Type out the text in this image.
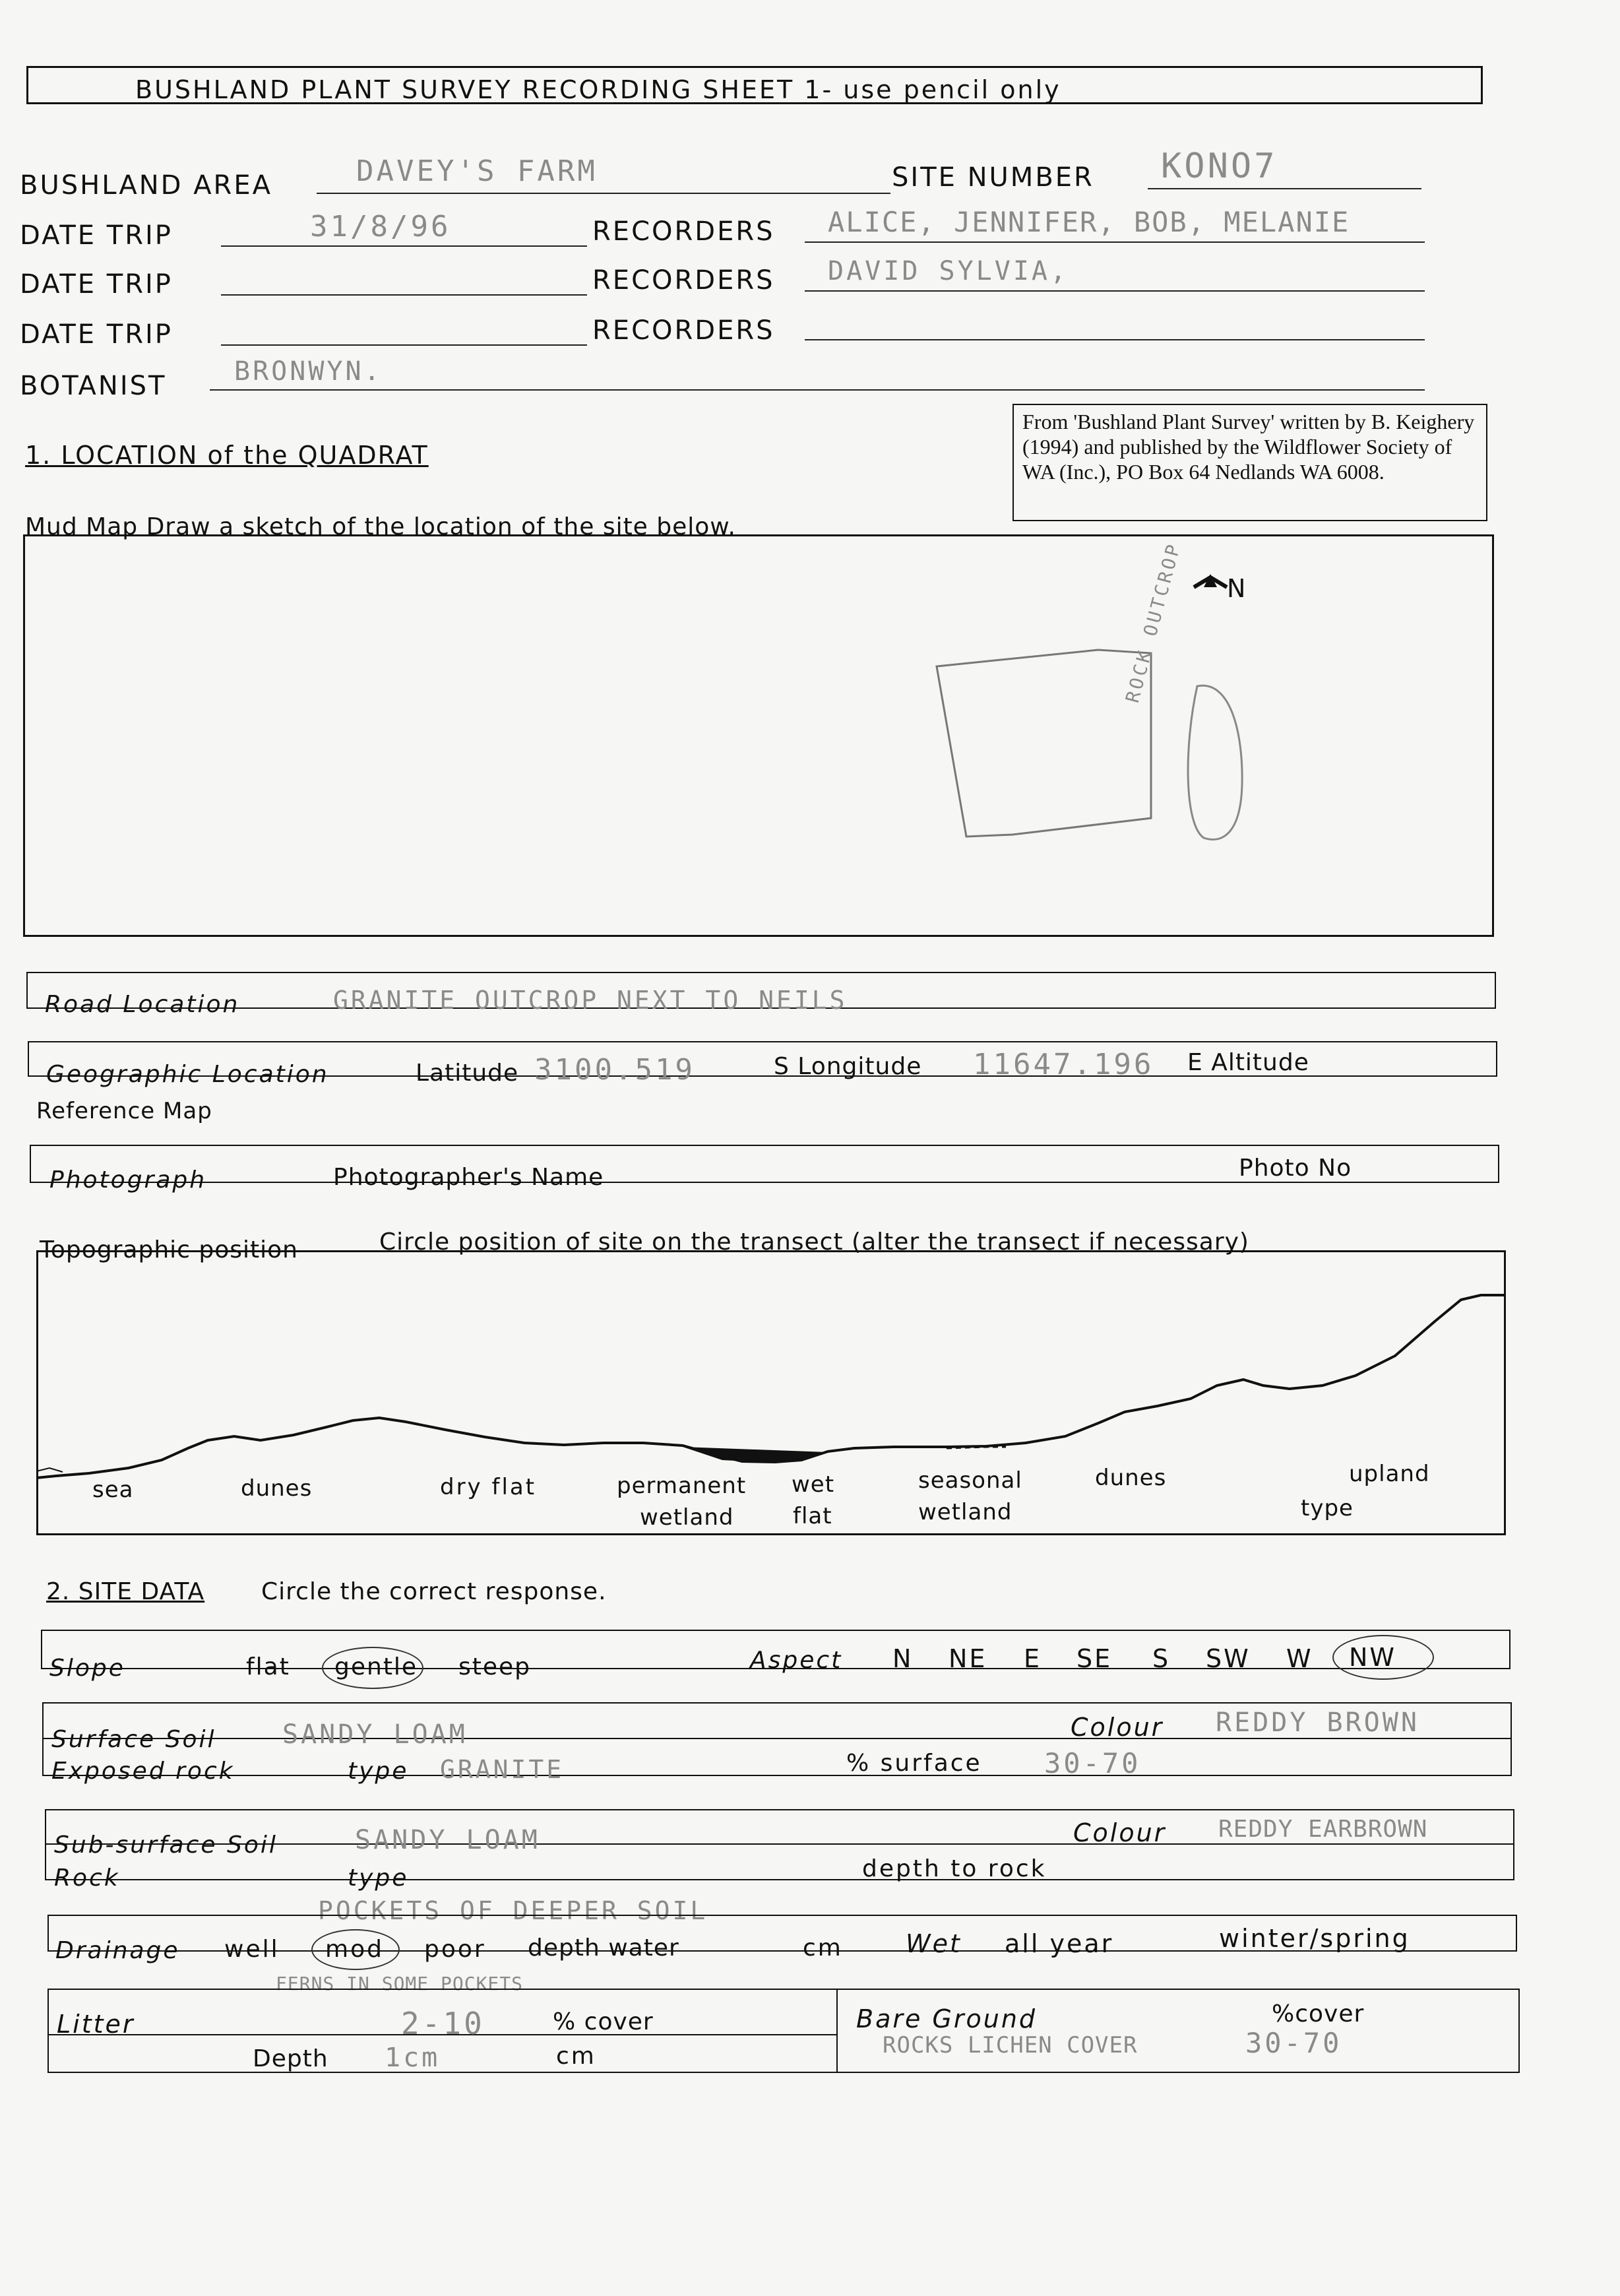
BUSHLAND PLANT SURVEY RECORDING SHEET 1- use pencil only
BUSHLAND AREA	DAVEY'S FARM	SITE NUMBER KONO7
DATE TRIP	31/8/96	RECORDERS ALICE, JENNIFER, BOB, MELANIE
DATE TRIP	RECORDERS DAVID SYLVIA,
DATE TRIP	RECORDERS
BOTANIST	BRONWYN.
From 'Bushland Plant Survey' written by B. Keighery (1994) and published by the Wildflower Society of WA (Inc.), PO Box 64 Nedlands WA 6008.
1. LOCATION of the QUADRAT
Mud Map Draw a sketch of the location of the site below.
N
ROCK OUTCROP
Road Location	GRANITE OUTCROP NEXT TO NEILS
Geographic Location	Latitude 3100.519	S Longitude 11647.196 E Altitude
Reference Map
Photograph	Photographer's Name	Photo No
Topographic position	Circle position of site on the transect (alter the transect if necessary)
sea	dunes	dry flat	permanent
wetland
wet
flat
seasonal
wetland
dunes	upland
type
2. SITE DATA Circle the correct response.
Slope	flat gentle steep	Aspect N NE E SE S SW W NW
Surface Soil	SANDY LOAM	Colour REDDY BROWN
Exposed rock	type GRANITE	% surface 30-70
Sub-surface Soil	SANDY LOAM	Colour REDDY EARBROWN
Rock	type	depth to rock
POCKETS OF DEEPER SOIL
Drainage well mod poor depth water	cm	Wet all year	winter/spring
FERNS IN SOME POCKETS
Litter	2-10	% cover
Depth 1cm	cm
Bare Ground	%cover
ROCKS LICHEN COVER	30-70
